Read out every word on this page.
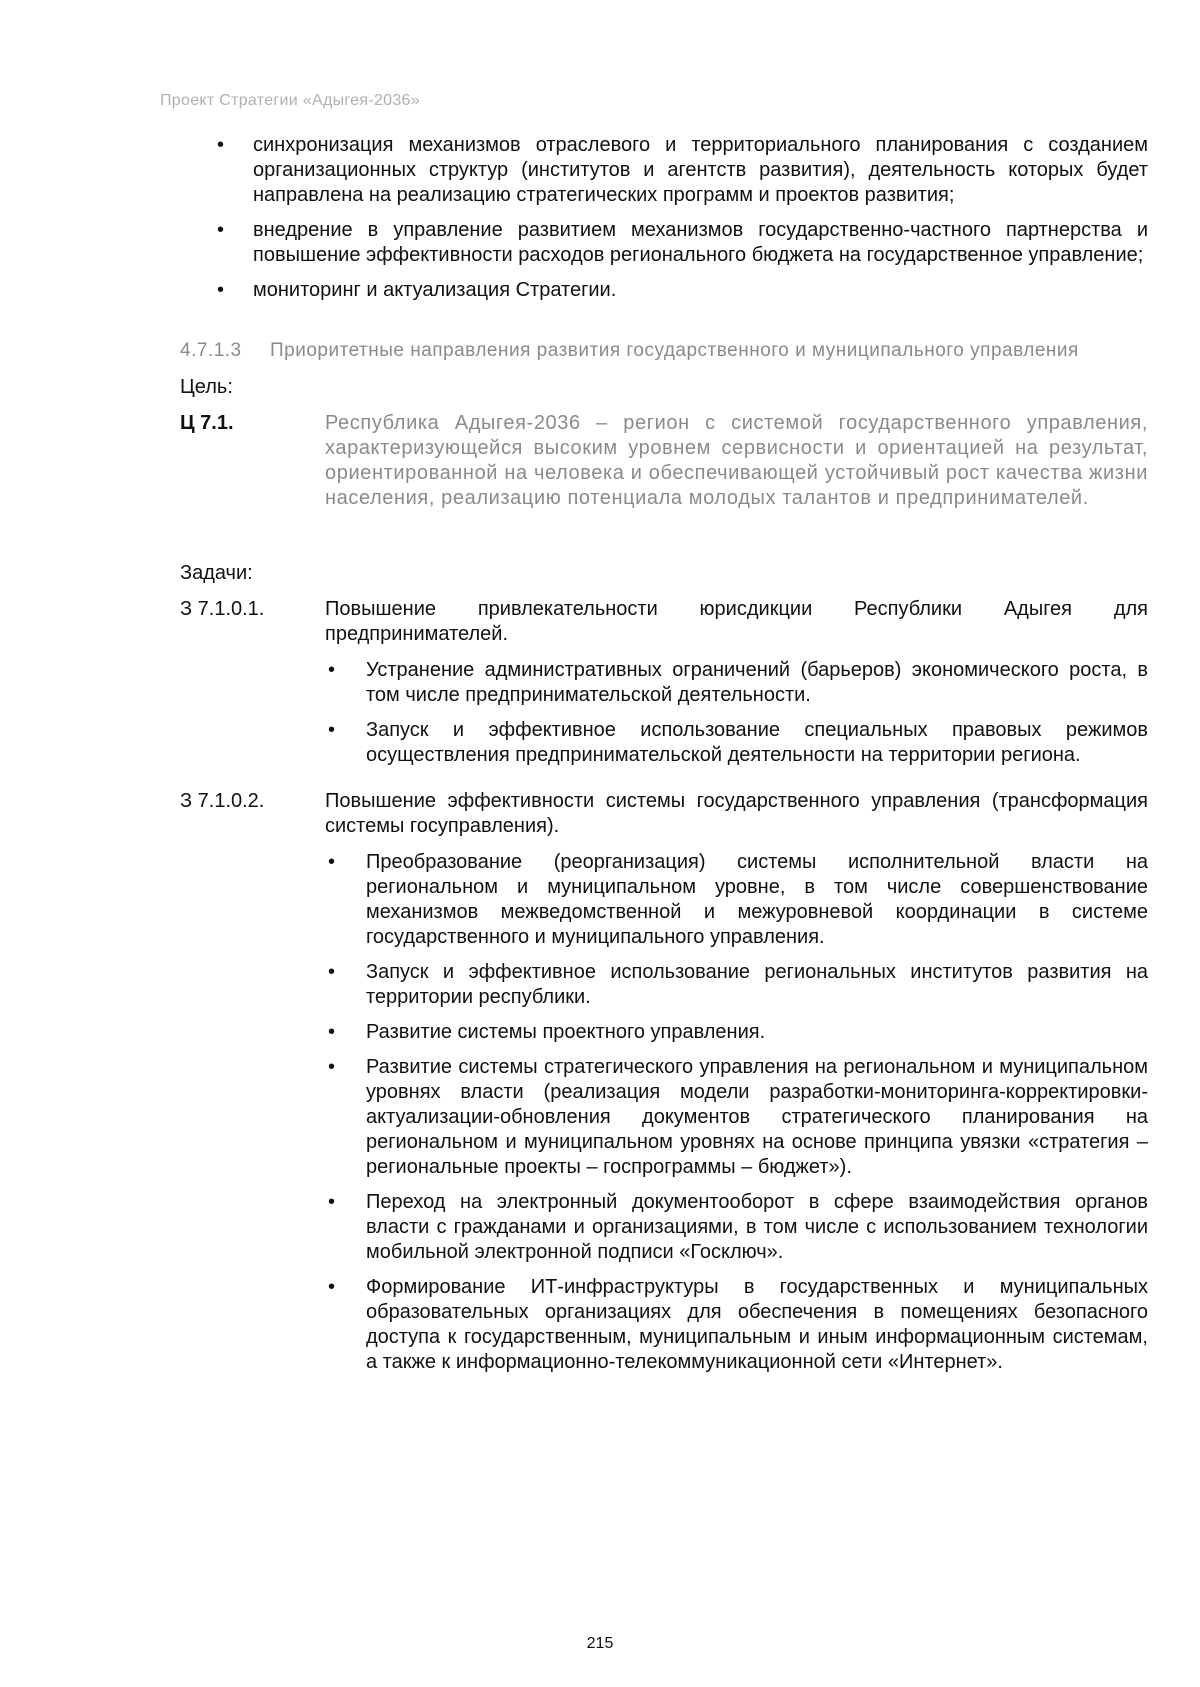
Проект Стратегии «Адыгея-2036»
• синхронизация механизмов отраслевого и территориального планирования с созданием организационных структур (институтов и агентств развития), деятельность которых будет направлена на реализацию стратегических программ и проектов развития;
• внедрение в управление развитием механизмов государственно-частного партнерства и повышение эффективности расходов регионального бюджета на государственное управление;
• мониторинг и актуализация Стратегии.
4.7.1.3	Приоритетные направления развития государственного и муниципального управления
Цель:
Ц 7.1.	Республика Адыгея-2036 – регион с системой государственного управления, характеризующейся высоким уровнем сервисности и ориентацией на результат, ориентированной на человека и обеспечивающей устойчивый рост качества жизни населения, реализацию потенциала молодых талантов и предпринимателей.
Задачи:
З 7.1.0.1.	Повышение привлекательности юрисдикции Республики Адыгея для предпринимателей.
• Устранение административных ограничений (барьеров) экономического роста, в том числе предпринимательской деятельности.
• Запуск и эффективное использование специальных правовых режимов осуществления предпринимательской деятельности на территории региона.
З 7.1.0.2.	Повышение эффективности системы государственного управления (трансформация системы госуправления).
• Преобразование (реорганизация) системы исполнительной власти на региональном и муниципальном уровне, в том числе совершенствование механизмов межведомственной и межуровневой координации в системе государственного и муниципального управления.
• Запуск и эффективное использование региональных институтов развития на территории республики.
• Развитие системы проектного управления.
• Развитие системы стратегического управления на региональном и муниципальном уровнях власти (реализация модели разработки-мониторинга-корректировки-актуализации-обновления документов стратегического планирования на региональном и муниципальном уровнях на основе принципа увязки «стратегия – региональные проекты – госпрограммы – бюджет»).
• Переход на электронный документооборот в сфере взаимодействия органов власти с гражданами и организациями, в том числе с использованием технологии мобильной электронной подписи «Госключ».
• Формирование ИТ-инфраструктуры в государственных и муниципальных образовательных организациях для обеспечения в помещениях безопасного доступа к государственным, муниципальным и иным информационным системам, а также к информационно-телекоммуникационной сети «Интернет».
215
